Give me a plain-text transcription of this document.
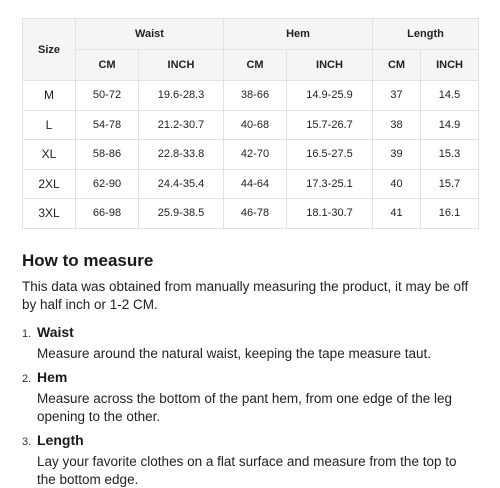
Size	Waist		Hem		Length	
	CM	INCH	CM	INCH	CM	INCH
M	50-72	19.6-28.3	38-66	14.9-25.9	37	14.5
L	54-78	21.2-30.7	40-68	15.7-26.7	38	14.9
XL	58-86	22.8-33.8	42-70	16.5-27.5	39	15.3
2XL	62-90	24.4-35.4	44-64	17.3-25.1	40	15.7
3XL	66-98	25.9-38.5	46-78	18.1-30.7	41	16.1
How to measure

This data was obtained from manually measuring the product, it may be off by half inch or 1-2 CM.

1. Waist

Measure around the natural waist, keeping the tape measure taut.

2. Hem

Measure across the bottom of the pant hem, from one edge of the leg opening to the other.

3. Length

Lay your favorite clothes on a flat surface and measure from the top to the bottom edge.
